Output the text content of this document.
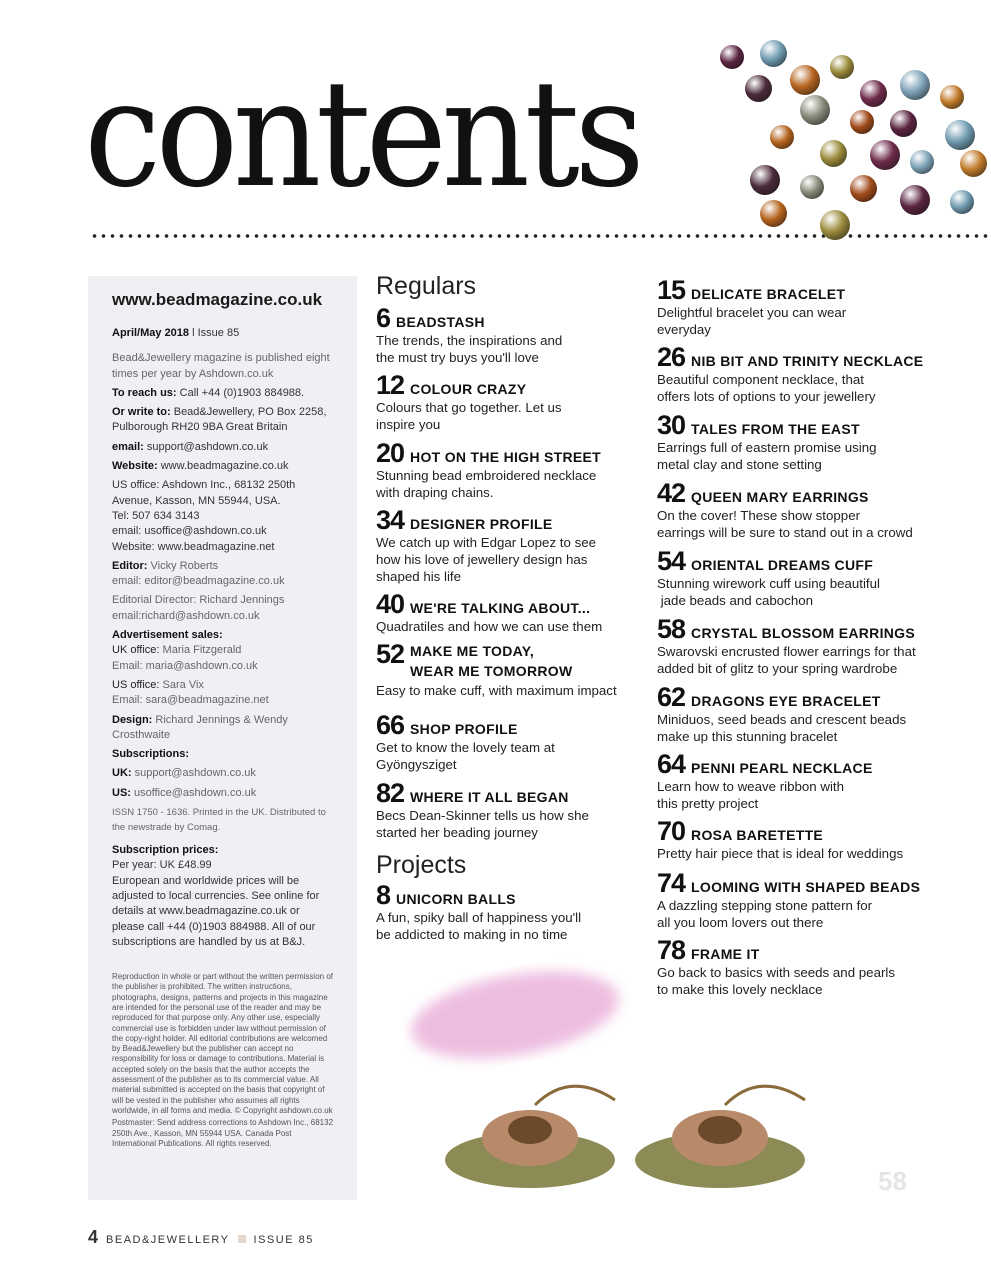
contents
www.beadmagazine.co.uk

April/May 2018 l Issue 85

Bead&Jewellery magazine is published eight times per year by Ashdown.co.uk

To reach us: Call +44 (0)1903 884988.

Or write to: Bead&Jewellery, PO Box 2258, Pulborough RH20 9BA Great Britain

email: support@ashdown.co.uk

Website: www.beadmagazine.co.uk

US office: Ashdown Inc., 68132 250th Avenue, Kasson, MN 55944, USA.
Tel: 507 634 3143
email: usoffice@ashdown.co.uk
Website: www.beadmagazine.net

Editor: Vicky Roberts
email: editor@beadmagazine.co.uk

Editorial Director: Richard Jennings
email:richard@ashdown.co.uk

Advertisement sales:

UK office: Maria Fitzgerald
Email: maria@ashdown.co.uk

US office: Sara Vix
Email: sara@beadmagazine.net

Design: Richard Jennings & Wendy Crosthwaite

Subscriptions:

UK: support@ashdown.co.uk

US: usoffice@ashdown.co.uk

ISSN 1750 - 1636. Printed in the UK. Distributed to the newstrade by Comag.

Subscription prices:

Per year: UK £48.99

European and worldwide prices will be adjusted to local currencies. See online for details at www.beadmagazine.co.uk or please call +44 (0)1903 884988. All of our subscriptions are handled by us at B&J.

Reproduction in whole or part without the written permission of the publisher is prohibited. The written instructions, photographs, designs, patterns and projects in this magazine are intended for the personal use of the reader and may be reproduced for that purpose only. Any other use, especially commercial use is forbidden under law without permission of the copy-right holder. All editorial contributions are welcomed by Bead&Jewellery but the publisher can accept no responsibility for loss or damage to contributions. Material is accepted solely on the basis that the author accepts the assessment of the publisher as to its commercial value. All material submitted is accepted on the basis that copyright of will be vested in the publisher who assumes all rights worldwide, in all forms and media. © Copyright ashdown.co.uk

Postmaster: Send address corrections to Ashdown Inc., 68132 250th Ave., Kasson, MN 55944 USA. Canada Post International Publications. All rights reserved.

Regulars
Projects
6 BEADSTASH
The trends, the inspirations and
the must try buys you'll love
12 COLOUR CRAZY
Colours that go together. Let us
inspire you
20 HOT ON THE HIGH STREET
Stunning bead embroidered necklace
with draping chains.
34 DESIGNER PROFILE
We catch up with Edgar Lopez to see
how his love of jewellery design has
shaped his life
40 WE'RE TALKING ABOUT...
Quadratiles and how we can use them
52 MAKE ME TODAY,
WEAR ME TOMORROW
Easy to make cuff, with maximum impact
66 SHOP PROFILE
Get to know the lovely team at
Gyöngysziget
82 WHERE IT ALL BEGAN
Becs Dean-Skinner tells us how she
started her beading journey
8 UNICORN BALLS
A fun, spiky ball of happiness you'll
be addicted to making in no time
15 DELICATE BRACELET
Delightful bracelet you can wear
everyday
26 NIB BIT AND TRINITY NECKLACE
Beautiful component necklace, that
offers lots of options to your jewellery
30 TALES FROM THE EAST
Earrings full of eastern promise using
metal clay and stone setting
42 QUEEN MARY EARRINGS
On the cover! These show stopper
earrings will be sure to stand out in a crowd
54 ORIENTAL DREAMS CUFF
Stunning wirework cuff using beautiful
jade beads and cabochon
58 CRYSTAL BLOSSOM EARRINGS
Swarovski encrusted flower earrings for that
added bit of glitz to your spring wardrobe
62 DRAGONS EYE BRACELET
Miniduos, seed beads and crescent beads
make up this stunning bracelet
64 PENNI PEARL NECKLACE
Learn how to weave ribbon with
this pretty project
70 ROSA BARETETTE
Pretty hair piece that is ideal for weddings
74 LOOMING WITH SHAPED BEADS
A dazzling stepping stone pattern for
all you loom lovers out there
78 FRAME IT
Go back to basics with seeds and pearls
to make this lovely necklace
58
4 BEAD&JEWELLERY ISSUE 85
